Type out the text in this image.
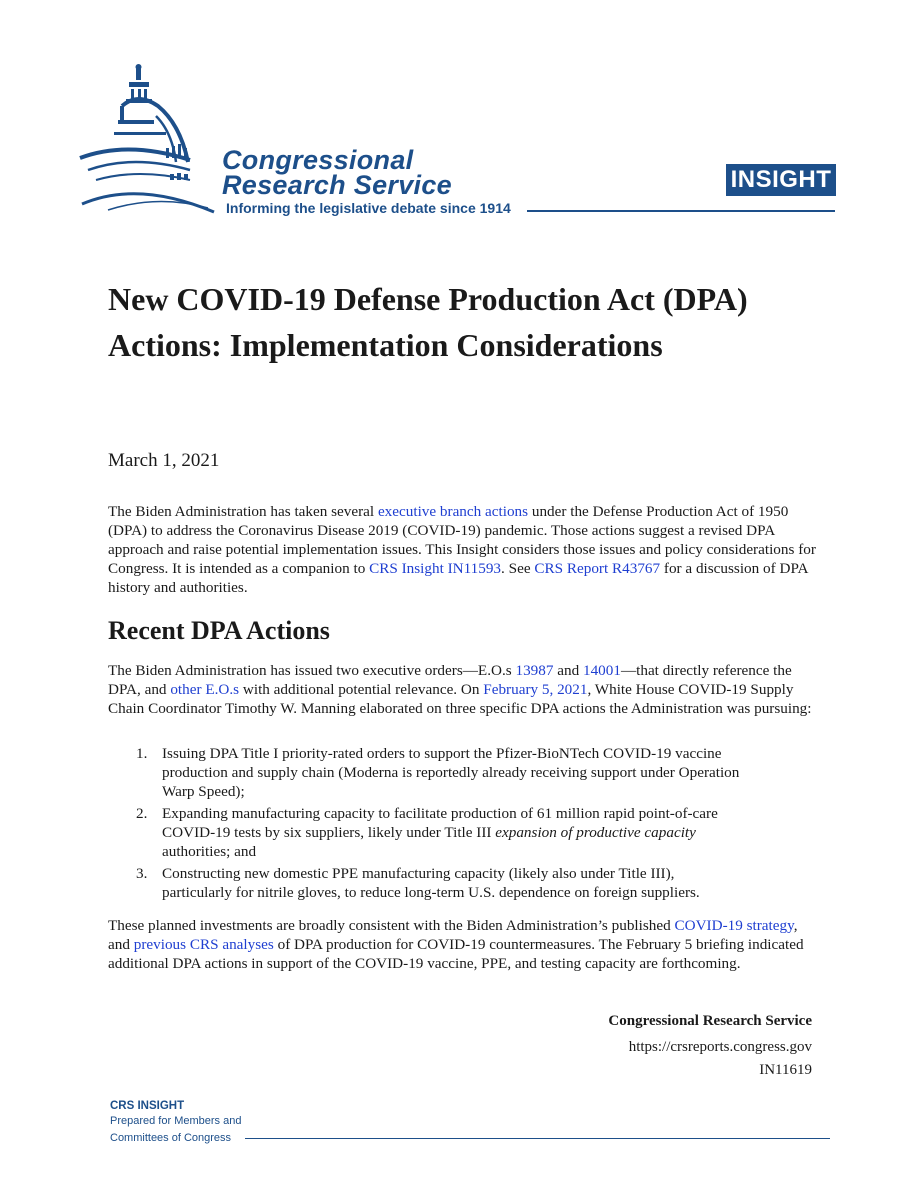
Congressional
Research Service
Informing the legislative debate since 1914
INSIGHT
New COVID-19 Defense Production Act (DPA) Actions: Implementation Considerations
March 1, 2021

The Biden Administration has taken several executive branch actions under the Defense Production Act of 1950 (DPA) to address the Coronavirus Disease 2019 (COVID-19) pandemic. Those actions suggest a revised DPA approach and raise potential implementation issues. This Insight considers those issues and policy considerations for Congress. It is intended as a companion to CRS Insight IN11593. See CRS Report R43767 for a discussion of DPA history and authorities.

Recent DPA Actions

The Biden Administration has issued two executive orders—E.O.s 13987 and 14001—that directly reference the DPA, and other E.O.s with additional potential relevance. On February 5, 2021, White House COVID-19 Supply Chain Coordinator Timothy W. Manning elaborated on three specific DPA actions the Administration was pursuing:

1. Issuing DPA Title I priority-rated orders to support the Pfizer-BioNTech COVID-19 vaccine production and supply chain (Moderna is reportedly already receiving support under Operation Warp Speed);
2. Expanding manufacturing capacity to facilitate production of 61 million rapid point-of-care COVID-19 tests by six suppliers, likely under Title III expansion of productive capacity authorities; and
3. Constructing new domestic PPE manufacturing capacity (likely also under Title III), particularly for nitrile gloves, to reduce long-term U.S. dependence on foreign suppliers.

These planned investments are broadly consistent with the Biden Administration’s published COVID-19 strategy, and previous CRS analyses of DPA production for COVID-19 countermeasures. The February 5 briefing indicated additional DPA actions in support of the COVID-19 vaccine, PPE, and testing capacity are forthcoming.

Congressional Research Service
https://crsreports.congress.gov
IN11619
CRS INSIGHT
Prepared for Members and
Committees of Congress
